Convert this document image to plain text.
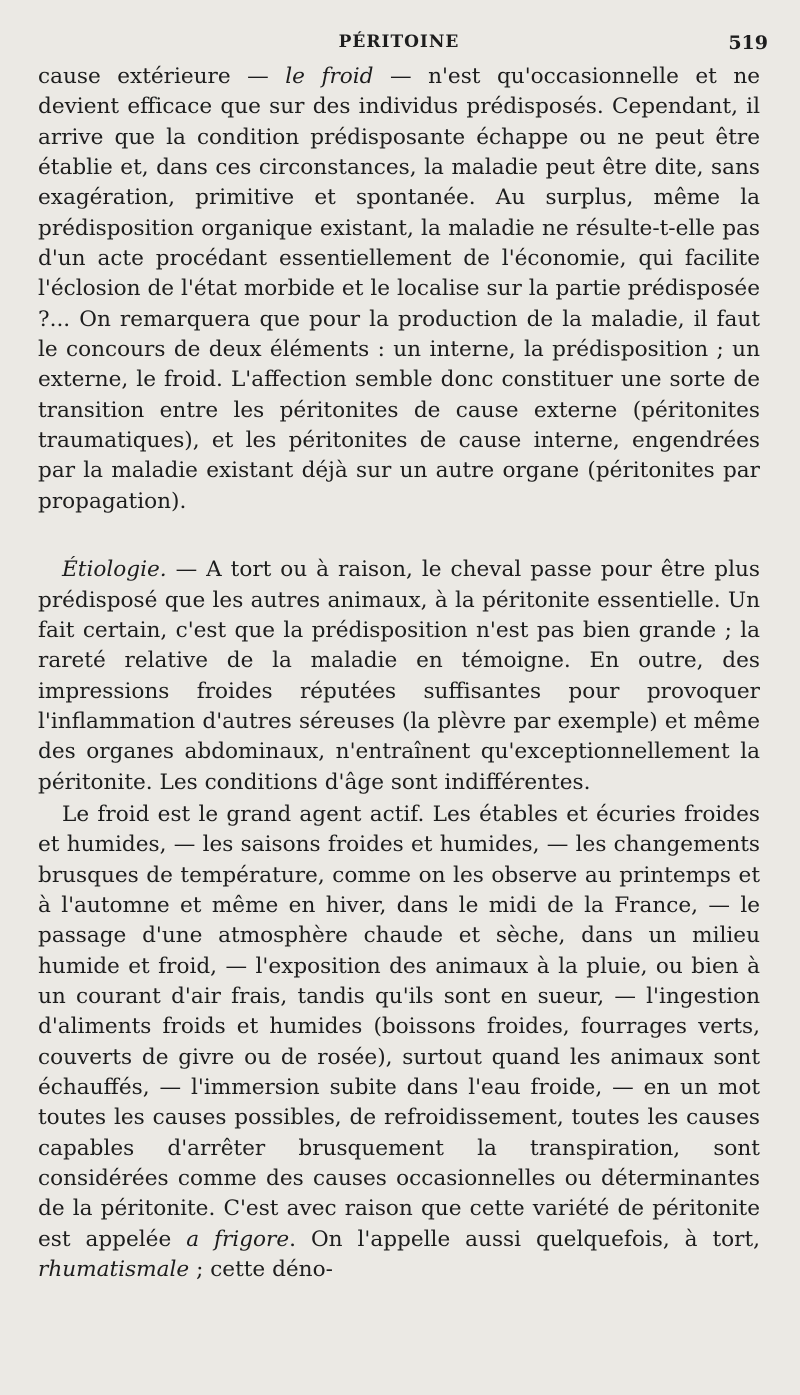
PÉRITOINE	519

cause extérieure — le froid — n'est qu'occasionnelle et ne devient efficace que sur des individus prédisposés. Cependant, il arrive que la condition prédisposante échappe ou ne peut être établie et, dans ces circonstances, la maladie peut être dite, sans exagération, primitive et spontanée. Au surplus, même la prédisposition organique existant, la maladie ne résulte-t-elle pas d'un acte procédant essentiellement de l'économie, qui facilite l'éclosion de l'état morbide et le localise sur la partie prédisposée ?... On remarquera que pour la production de la maladie, il faut le concours de deux éléments : un interne, la prédisposition ; un externe, le froid. L'affection semble donc constituer une sorte de transition entre les péritonites de cause externe (péritonites traumatiques), et les péritonites de cause interne, engendrées par la maladie existant déjà sur un autre organe (péritonites par propagation).

Étiologie. — A tort ou à raison, le cheval passe pour être plus prédisposé que les autres animaux, à la péritonite essentielle. Un fait certain, c'est que la prédisposition n'est pas bien grande ; la rareté relative de la maladie en témoigne. En outre, des impressions froides réputées suffisantes pour provoquer l'inflammation d'autres séreuses (la plèvre par exemple) et même des organes abdominaux, n'entraînent qu'exceptionnellement la péritonite. Les conditions d'âge sont indifférentes.

Le froid est le grand agent actif. Les étables et écuries froides et humides, — les saisons froides et humides, — les changements brusques de température, comme on les observe au printemps et à l'automne et même en hiver, dans le midi de la France, — le passage d'une atmosphère chaude et sèche, dans un milieu humide et froid, — l'exposition des animaux à la pluie, ou bien à un courant d'air frais, tandis qu'ils sont en sueur, — l'ingestion d'aliments froids et humides (boissons froides, fourrages verts, couverts de givre ou de rosée), surtout quand les animaux sont échauffés, — l'immersion subite dans l'eau froide, — en un mot toutes les causes possibles, de refroidissement, toutes les causes capables d'arrêter brusquement la transpiration, sont considérées comme des causes occasionnelles ou déterminantes de la péritonite. C'est avec raison que cette variété de péritonite est appelée a frigore. On l'appelle aussi quelquefois, à tort, rhumatismale ; cette déno-
